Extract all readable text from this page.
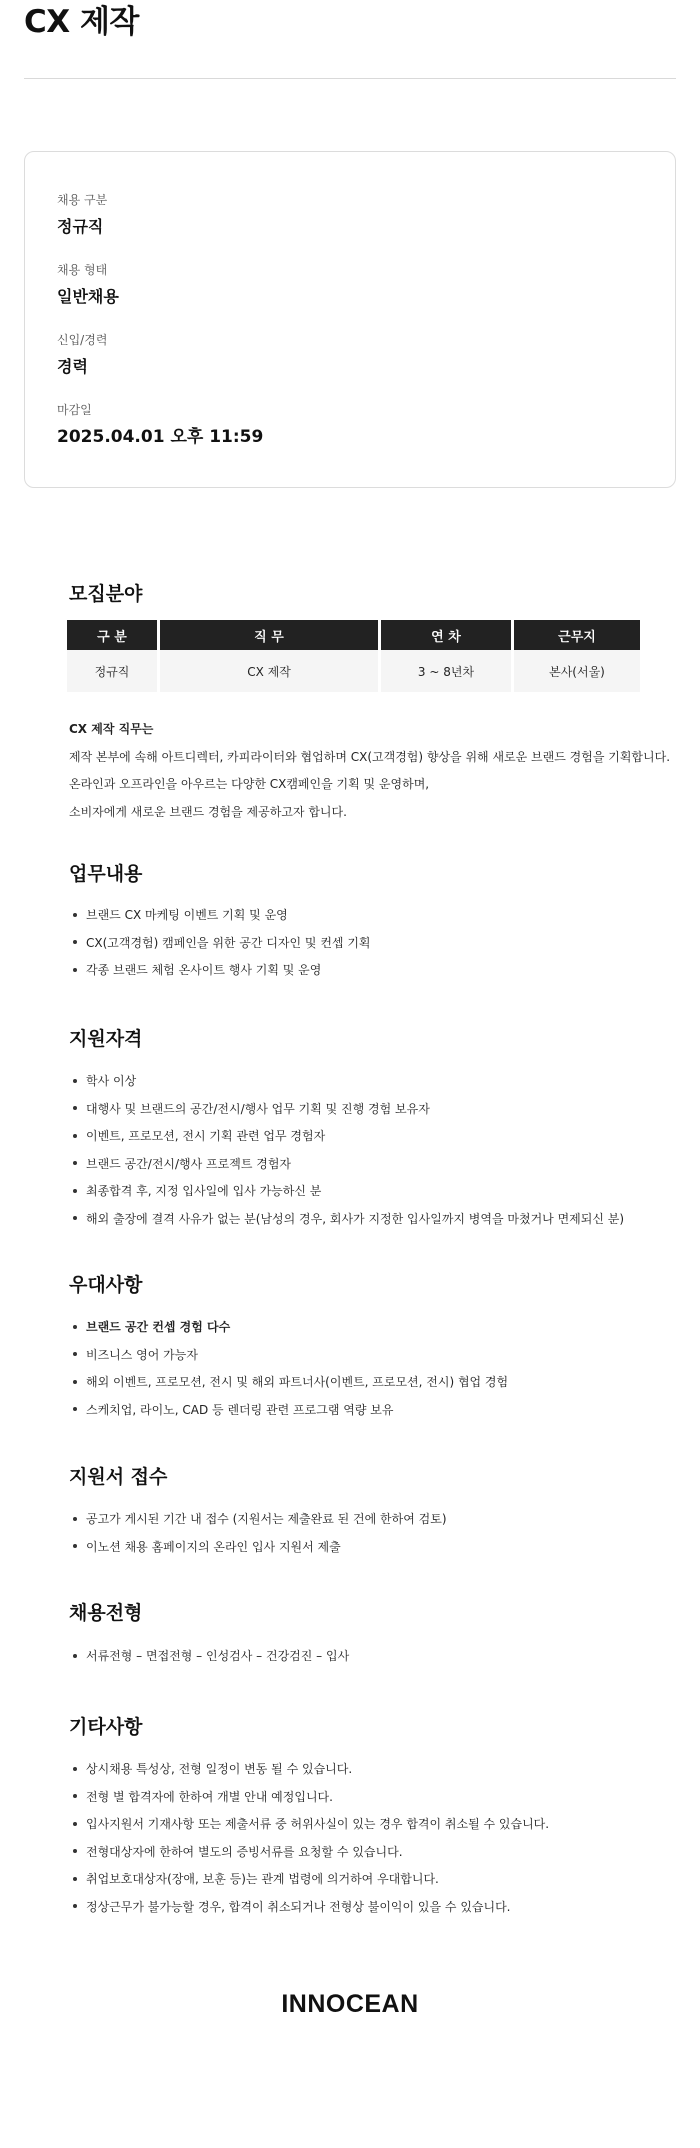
CX 제작
채용 구분
정규직
채용 형태
일반채용
신입/경력
경력
마감일
2025.04.01 오후 11:59
모집분야
구 분	직 무	연 차	근무지
정규직	CX 제작	3 ~ 8년차	본사(서울)
CX 제작 직무는
제작 본부에 속해 아트디렉터, 카피라이터와 협업하며 CX(고객경험) 향상을 위해 새로운 브랜드 경험을 기획합니다.
온라인과 오프라인을 아우르는 다양한 CX캠페인을 기획 및 운영하며,
소비자에게 새로운 브랜드 경험을 제공하고자 합니다.
업무내용
브랜드 CX 마케팅 이벤트 기획 및 운영
CX(고객경험) 캠페인을 위한 공간 디자인 및 컨셉 기획
각종 브랜드 체험 온사이트 행사 기획 및 운영
지원자격
학사 이상
대행사 및 브랜드의 공간/전시/행사 업무 기획 및 진행 경험 보유자
이벤트, 프로모션, 전시 기획 관련 업무 경험자
브랜드 공간/전시/행사 프로젝트 경험자
최종합격 후, 지정 입사일에 입사 가능하신 분
해외 출장에 결격 사유가 없는 분(남성의 경우, 회사가 지정한 입사일까지 병역을 마쳤거나 면제되신 분)
우대사항
브랜드 공간 컨셉 경험 다수
비즈니스 영어 가능자
해외 이벤트, 프로모션, 전시 및 해외 파트너사(이벤트, 프로모션, 전시) 협업 경험
스케치업, 라이노, CAD 등 렌더링 관련 프로그램 역량 보유
지원서 접수
공고가 게시된 기간 내 접수 (지원서는 제출완료 된 건에 한하여 검토)
이노션 채용 홈페이지의 온라인 입사 지원서 제출
채용전형
서류전형 – 면접전형 – 인성검사 – 건강검진 – 입사
기타사항
상시채용 특성상, 전형 일정이 변동 될 수 있습니다.
전형 별 합격자에 한하여 개별 안내 예정입니다.
입사지원서 기재사항 또는 제출서류 중 허위사실이 있는 경우 합격이 취소될 수 있습니다.
전형대상자에 한하여 별도의 증빙서류를 요청할 수 있습니다.
취업보호대상자(장애, 보훈 등)는 관계 법령에 의거하여 우대합니다.
정상근무가 불가능할 경우, 합격이 취소되거나 전형상 불이익이 있을 수 있습니다.
INNOCEAN
